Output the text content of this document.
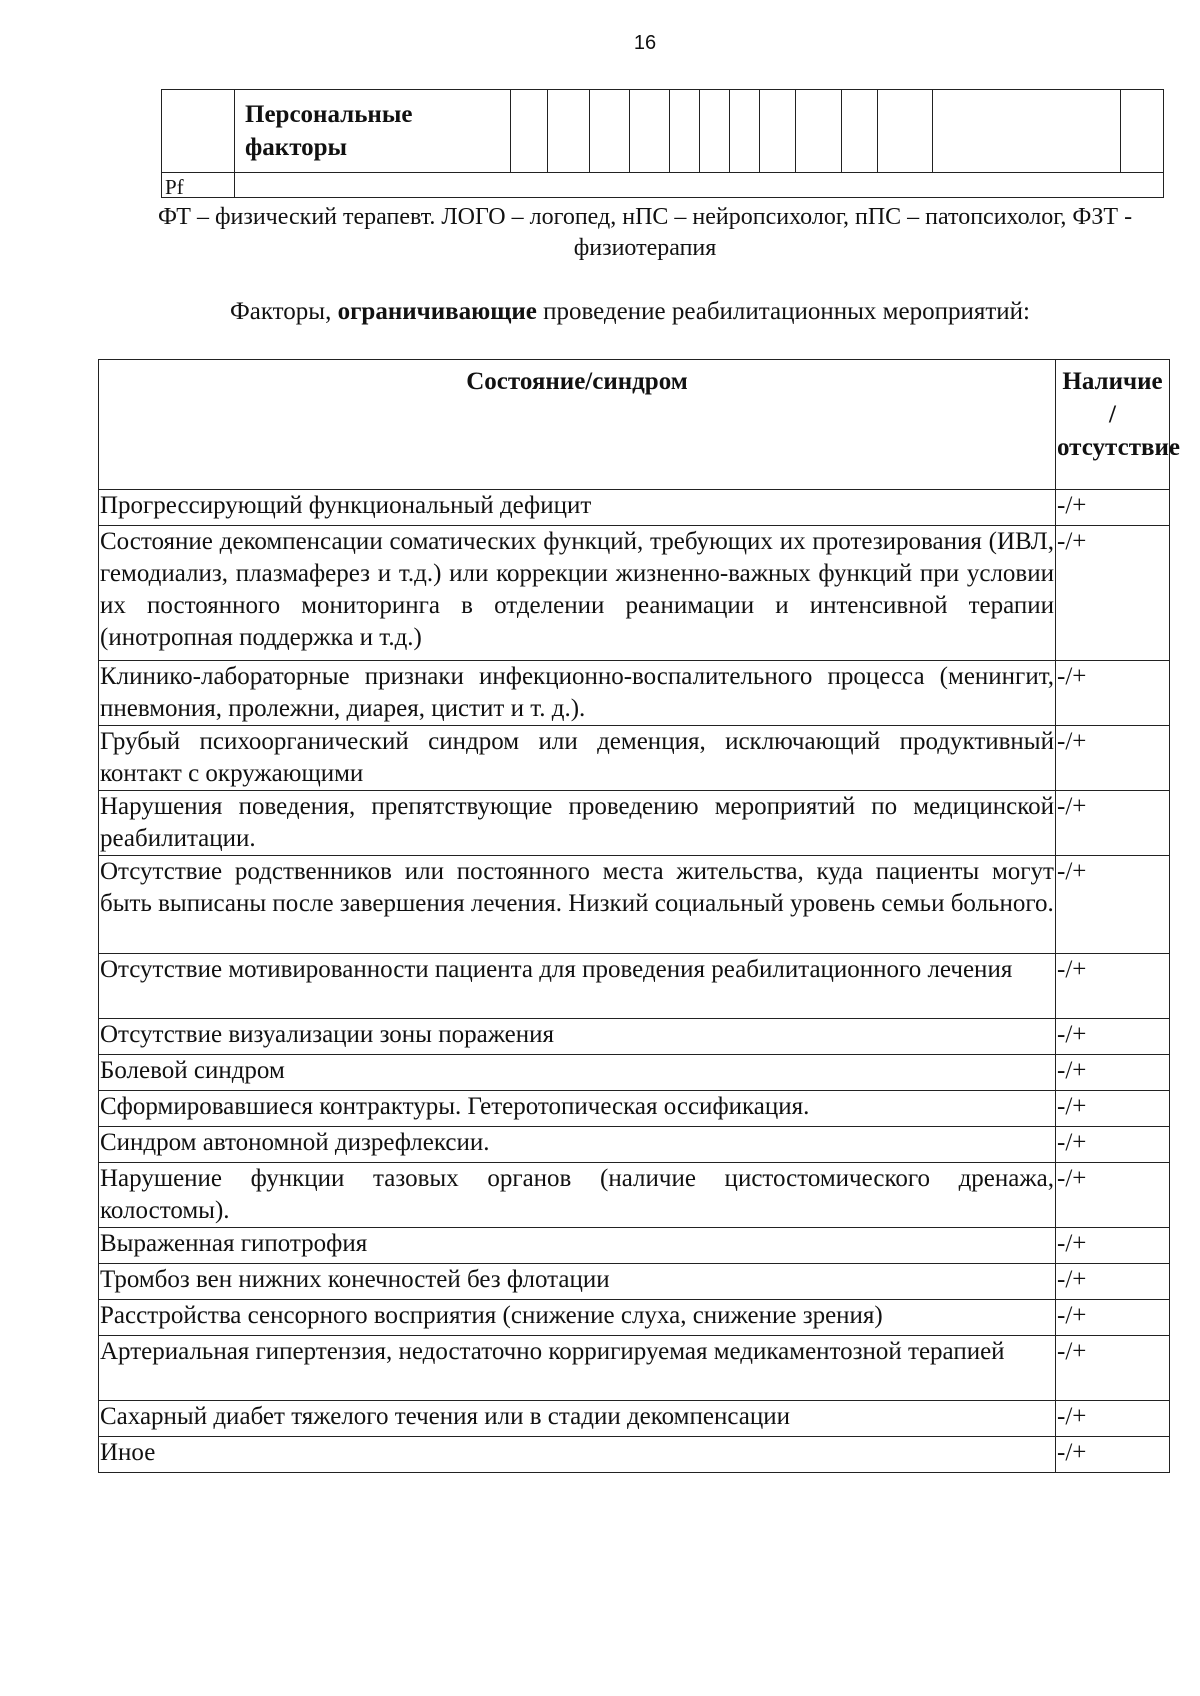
16
	Персональные факторы													
Pf														
ФТ – физический терапевт. ЛОГО – логопед, нПС – нейропсихолог, пПС – патопсихолог, ФЗТ - физиотерапия
Факторы, ограничивающие проведение реабилитационных мероприятий:
Состояние/синдром	Наличие / отсутствие
Прогрессирующий функциональный дефицит	-/+
Состояние декомпенсации соматических функций, требующих их протезирования (ИВЛ, гемодиализ, плазмаферез и т.д.) или коррекции жизненно-важных функций при условии их постоянного мониторинга в отделении реанимации и интенсивной терапии (инотропная поддержка и т.д.)	-/+
Клинико-лабораторные признаки инфекционно-воспалительного процесса (менингит, пневмония, пролежни, диарея, цистит и т. д.).	-/+
Грубый психоорганический синдром или деменция, исключающий продуктивный контакт с окружающими	-/+
Нарушения поведения, препятствующие проведению мероприятий по медицинской реабилитации.	-/+
Отсутствие родственников или постоянного места жительства, куда пациенты могут быть выписаны после завершения лечения. Низкий социальный уровень семьи больного.	-/+
Отсутствие мотивированности пациента для проведения реабилитационного лечения	-/+
Отсутствие визуализации зоны поражения	-/+
Болевой синдром	-/+
Сформировавшиеся контрактуры. Гетеротопическая оссификация.	-/+
Синдром автономной дизрефлексии.	-/+
Нарушение функции тазовых органов (наличие цистостомического дренажа, колостомы).	-/+
Выраженная гипотрофия	-/+
Тромбоз вен нижних конечностей без флотации	-/+
Расстройства сенсорного восприятия (снижение слуха, снижение зрения)	-/+
Артериальная гипертензия, недостаточно корригируемая медикаментозной терапией	-/+
Сахарный диабет тяжелого течения или в стадии декомпенсации	-/+
Иное	-/+
